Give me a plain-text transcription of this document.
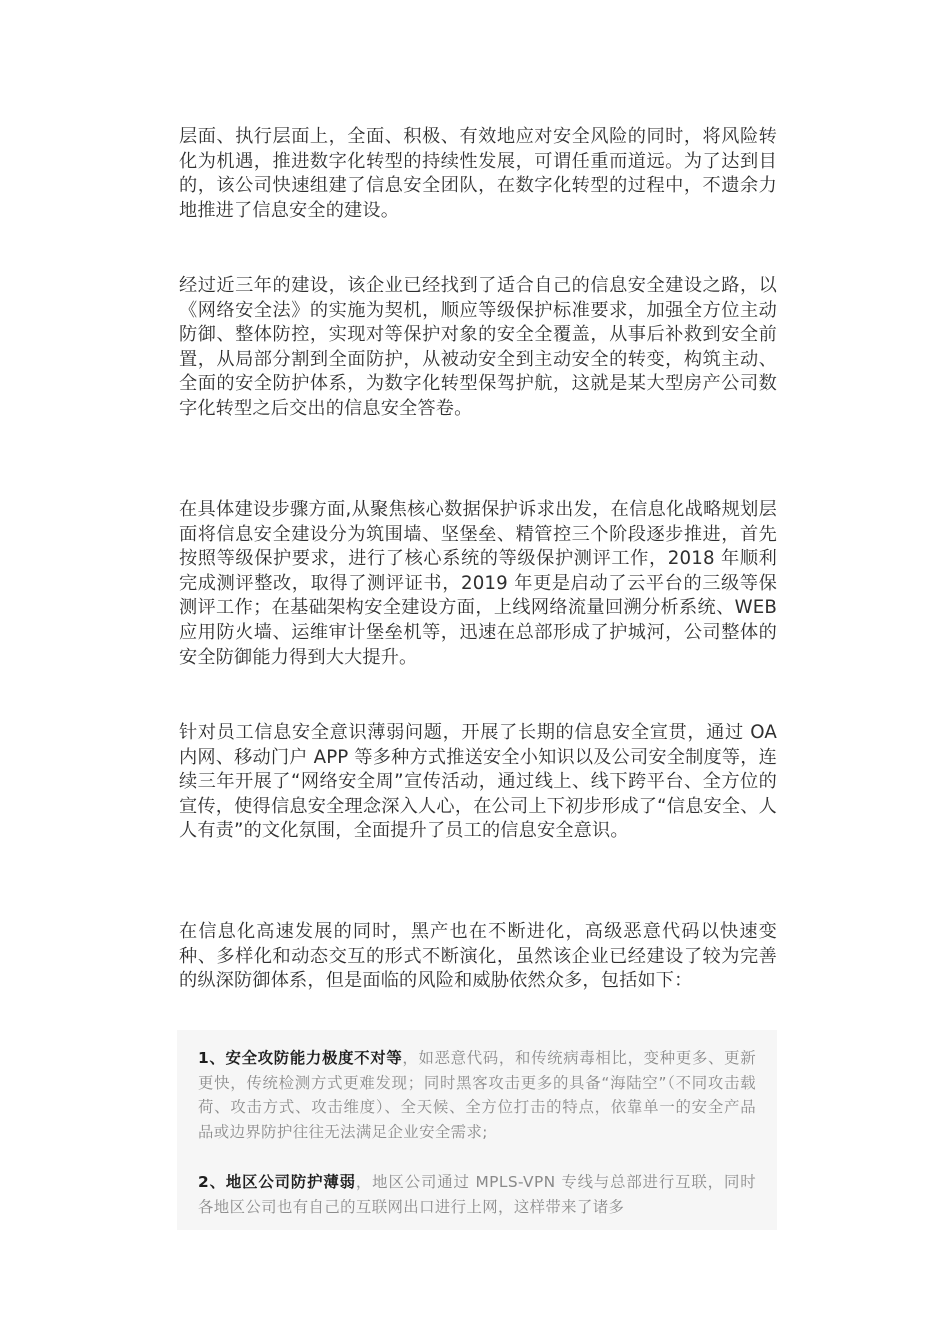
层面、执行层面上，全面、积极、有效地应对安全风险的同时，将风险转化为机遇，推进数字化转型的持续性发展，可谓任重而道远。为了达到目的，该公司快速组建了信息安全团队，在数字化转型的过程中，不遗余力地推进了信息安全的建设。

经过近三年的建设，该企业已经找到了适合自己的信息安全建设之路，以《网络安全法》的实施为契机，顺应等级保护标准要求，加强全方位主动防御、整体防控，实现对等保护对象的安全全覆盖，从事后补救到安全前置，从局部分割到全面防护，从被动安全到主动安全的转变，构筑主动、全面的安全防护体系，为数字化转型保驾护航，这就是某大型房产公司数字化转型之后交出的信息安全答卷。

在具体建设步骤方面,从聚焦核心数据保护诉求出发，在信息化战略规划层面将信息安全建设分为筑围墙、坚堡垒、精管控三个阶段逐步推进，首先按照等级保护要求，进行了核心系统的等级保护测评工作，2018 年顺利完成测评整改，取得了测评证书，2019 年更是启动了云平台的三级等保测评工作；在基础架构安全建设方面，上线网络流量回溯分析系统、WEB 应用防火墙、运维审计堡垒机等，迅速在总部形成了护城河，公司整体的安全防御能力得到大大提升。

针对员工信息安全意识薄弱问题，开展了长期的信息安全宣贯，通过 OA 内网、移动门户 APP 等多种方式推送安全小知识以及公司安全制度等，连续三年开展了“网络安全周”宣传活动，通过线上、线下跨平台、全方位的宣传，使得信息安全理念深入人心，在公司上下初步形成了“信息安全、人人有责”的文化氛围，全面提升了员工的信息安全意识。

在信息化高速发展的同时，黑产也在不断进化，高级恶意代码以快速变种、多样化和动态交互的形式不断演化，虽然该企业已经建设了较为完善的纵深防御体系，但是面临的风险和威胁依然众多，包括如下：

1、安全攻防能力极度不对等，如恶意代码，和传统病毒相比，变种更多、更新更快，传统检测方式更难发现；同时黑客攻击更多的具备“海陆空”（不同攻击载荷、攻击方式、攻击维度）、全天候、全方位打击的特点，依靠单一的安全产品品或边界防护往往无法满足企业安全需求;

2、地区公司防护薄弱，地区公司通过 MPLS-VPN 专线与总部进行互联，同时各地区公司也有自己的互联网出口进行上网，这样带来了诸多
